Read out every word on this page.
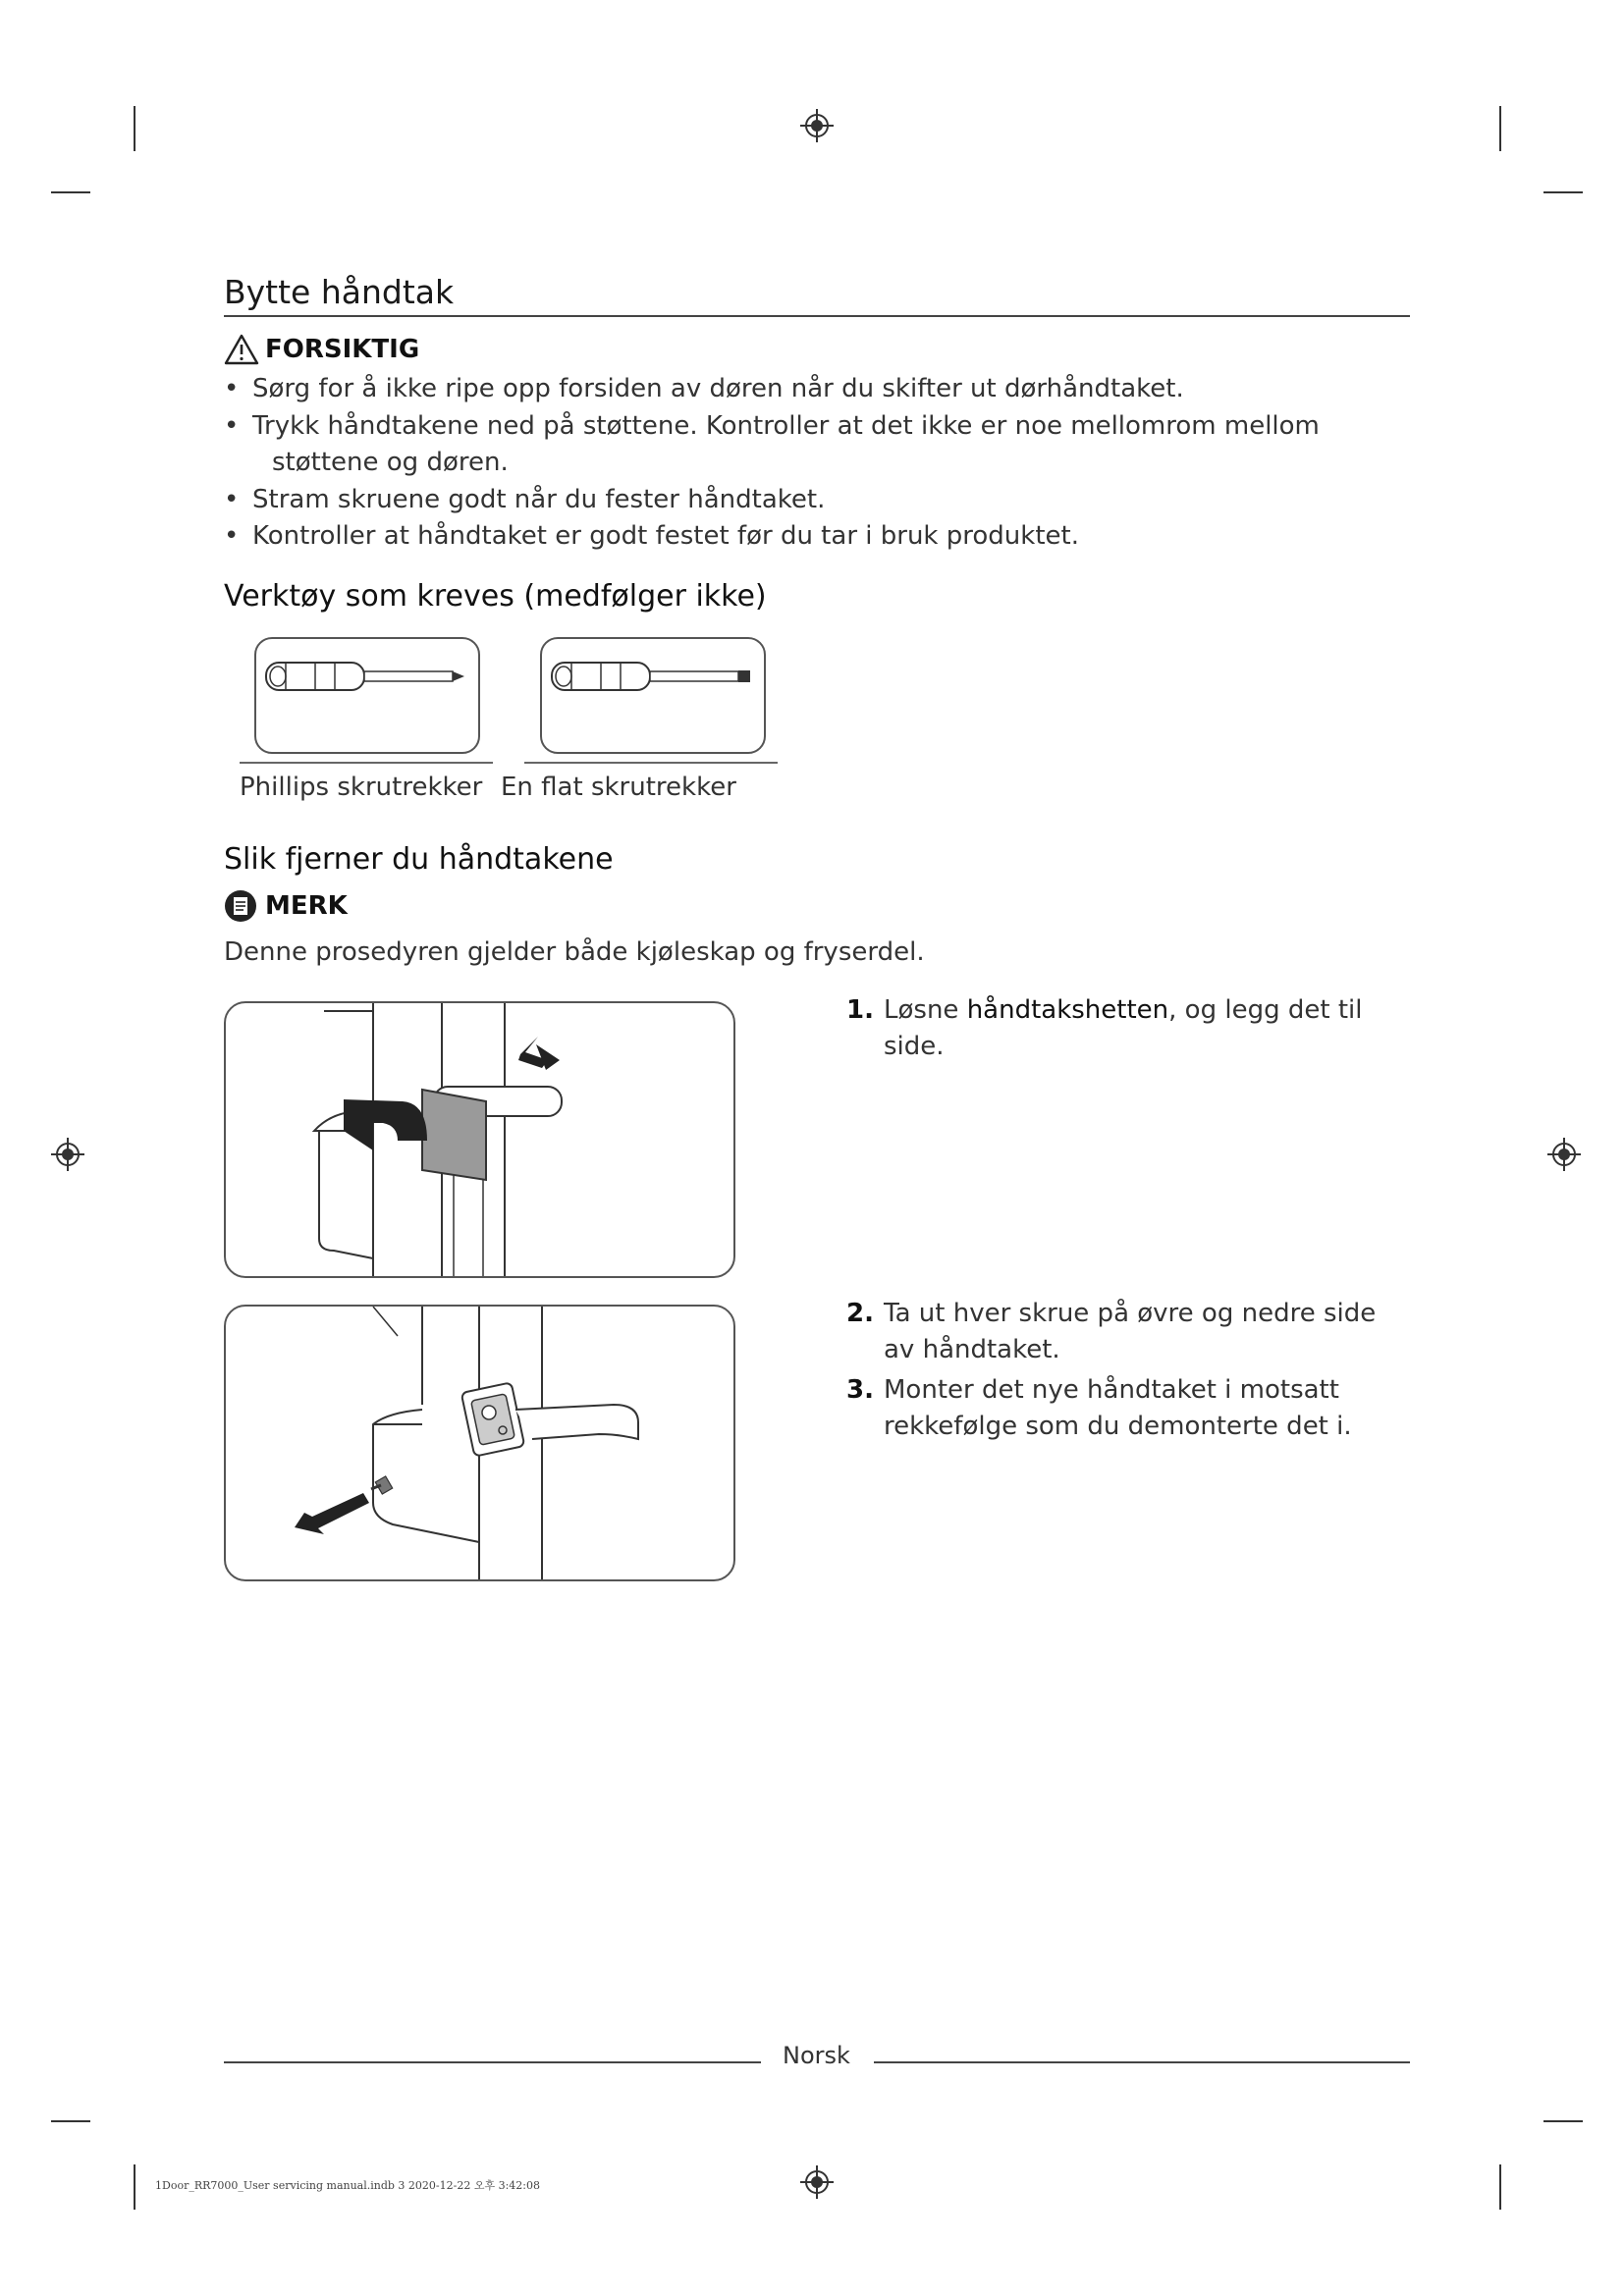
Bytte håndtak
FORSIKTIG
• Sørg for å ikke ripe opp forsiden av døren når du skifter ut dørhåndtaket.
• Trykk håndtakene ned på støttene. Kontroller at det ikke er noe mellomrom mellom
støttene og døren.
• Stram skruene godt når du fester håndtaket.
• Kontroller at håndtaket er godt festet før du tar i bruk produktet.
Verktøy som kreves (medfølger ikke)
Phillips skrutrekker En flat skrutrekker
Slik fjerner du håndtakene
MERK
Denne prosedyren gjelder både kjøleskap og fryserdel.
1. Løsne håndtakshetten, og legg det til side.
2. Ta ut hver skrue på øvre og nedre side av håndtaket.
3. Monter det nye håndtaket i motsatt rekkefølge som du demonterte det i.
Norsk
1Door_RR7000_User servicing manual.indb 3 2020-12-22 오후 3:42:08
